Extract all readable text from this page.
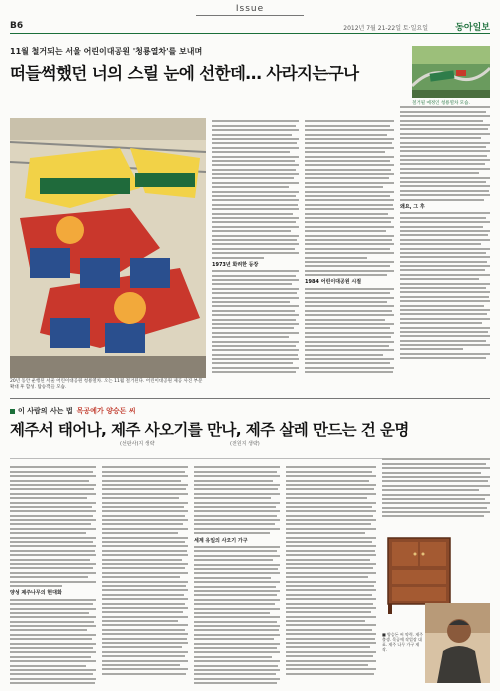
Issue
B6	2012년 7월 21-22일 토·일요일	동아일보
11월 철거되는 서울 어린이대공원 '청룡열차'를 보내며
떠들썩했던 너의 스릴 눈에 선한데… 사라지는구나
철거될 예정인 청룡열차 모습.
20년 동안 운행된 서울 어린이대공원 청룡열차. 오는 11월 철거된다. 어린이대공원 제공 사진 부분 확대 후 합성. 탑승객들 모습.
1973년 화려한 등장
1984 어린이대공원 시절
왜요, 그 후
이 사람의 사는 법 목공예가 양승돈 씨
제주서 태어나, 제주 사오기를 만나, 제주 살레 만드는 건 운명
(선판사)지 생략	(전원지 생략)
양성 제주나무의 현대화
세계 유일의 사오기 가구
■ 양승돈 씨 약력. 제주 출생. 목공예 작업장 대표. 제주 나무 가구 제작.
